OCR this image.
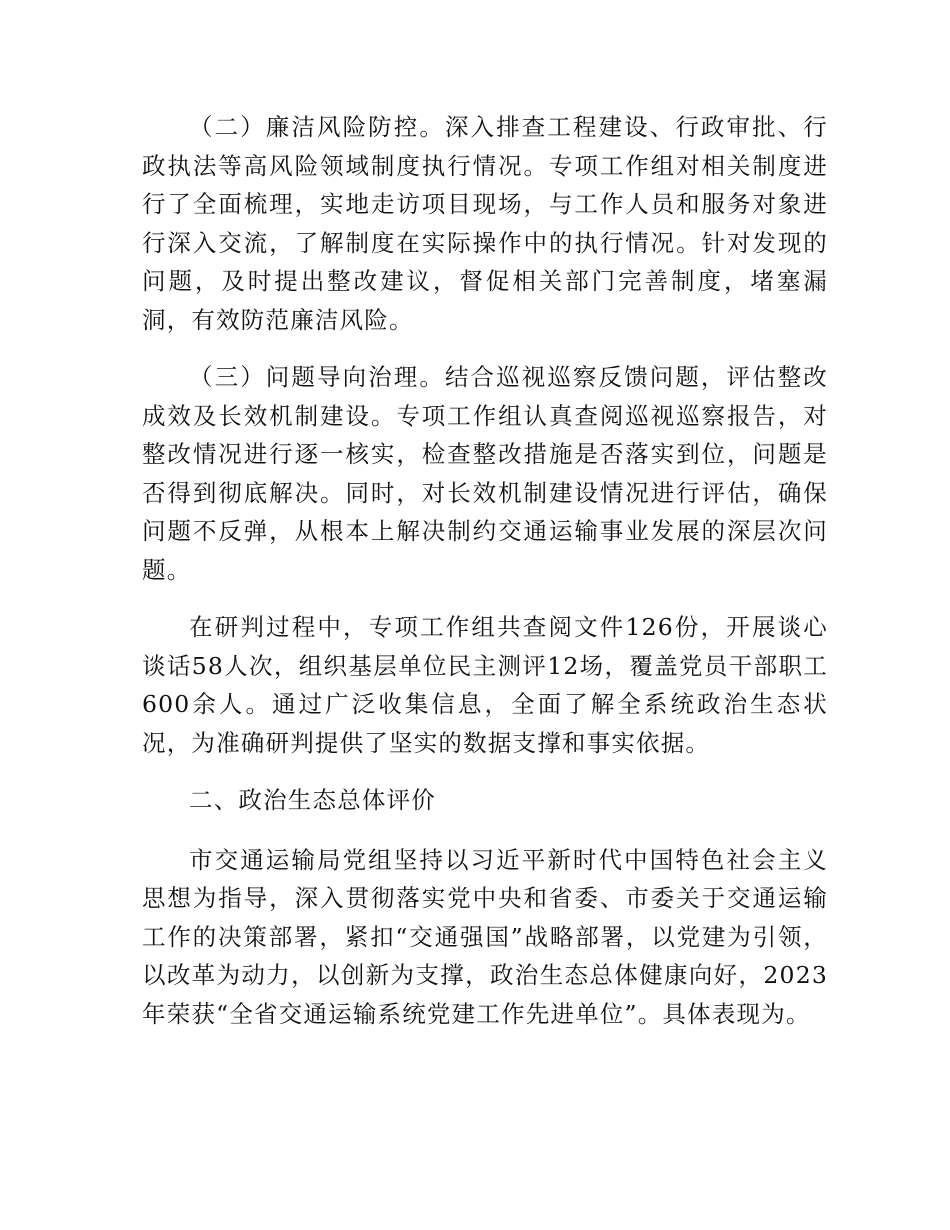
（二）廉洁风险防控。深入排查工程建设、行政审批、行政执法等高风险领域制度执行情况。专项工作组对相关制度进行了全面梳理，实地走访项目现场，与工作人员和服务对象进行深入交流，了解制度在实际操作中的执行情况。针对发现的问题，及时提出整改建议，督促相关部门完善制度，堵塞漏洞，有效防范廉洁风险。

（三）问题导向治理。结合巡视巡察反馈问题，评估整改成效及长效机制建设。专项工作组认真查阅巡视巡察报告，对整改情况进行逐一核实，检查整改措施是否落实到位，问题是否得到彻底解决。同时，对长效机制建设情况进行评估，确保问题不反弹，从根本上解决制约交通运输事业发展的深层次问题。

在研判过程中，专项工作组共查阅文件126份，开展谈心谈话58人次，组织基层单位民主测评12场，覆盖党员干部职工600余人。通过广泛收集信息，全面了解全系统政治生态状况，为准确研判提供了坚实的数据支撑和事实依据。

二、政治生态总体评价

市交通运输局党组坚持以习近平新时代中国特色社会主义思想为指导，深入贯彻落实党中央和省委、市委关于交通运输工作的决策部署，紧扣“交通强国”战略部署，以党建为引领，以改革为动力，以创新为支撑，政治生态总体健康向好，2023年荣获“全省交通运输系统党建工作先进单位”。具体表现为。
